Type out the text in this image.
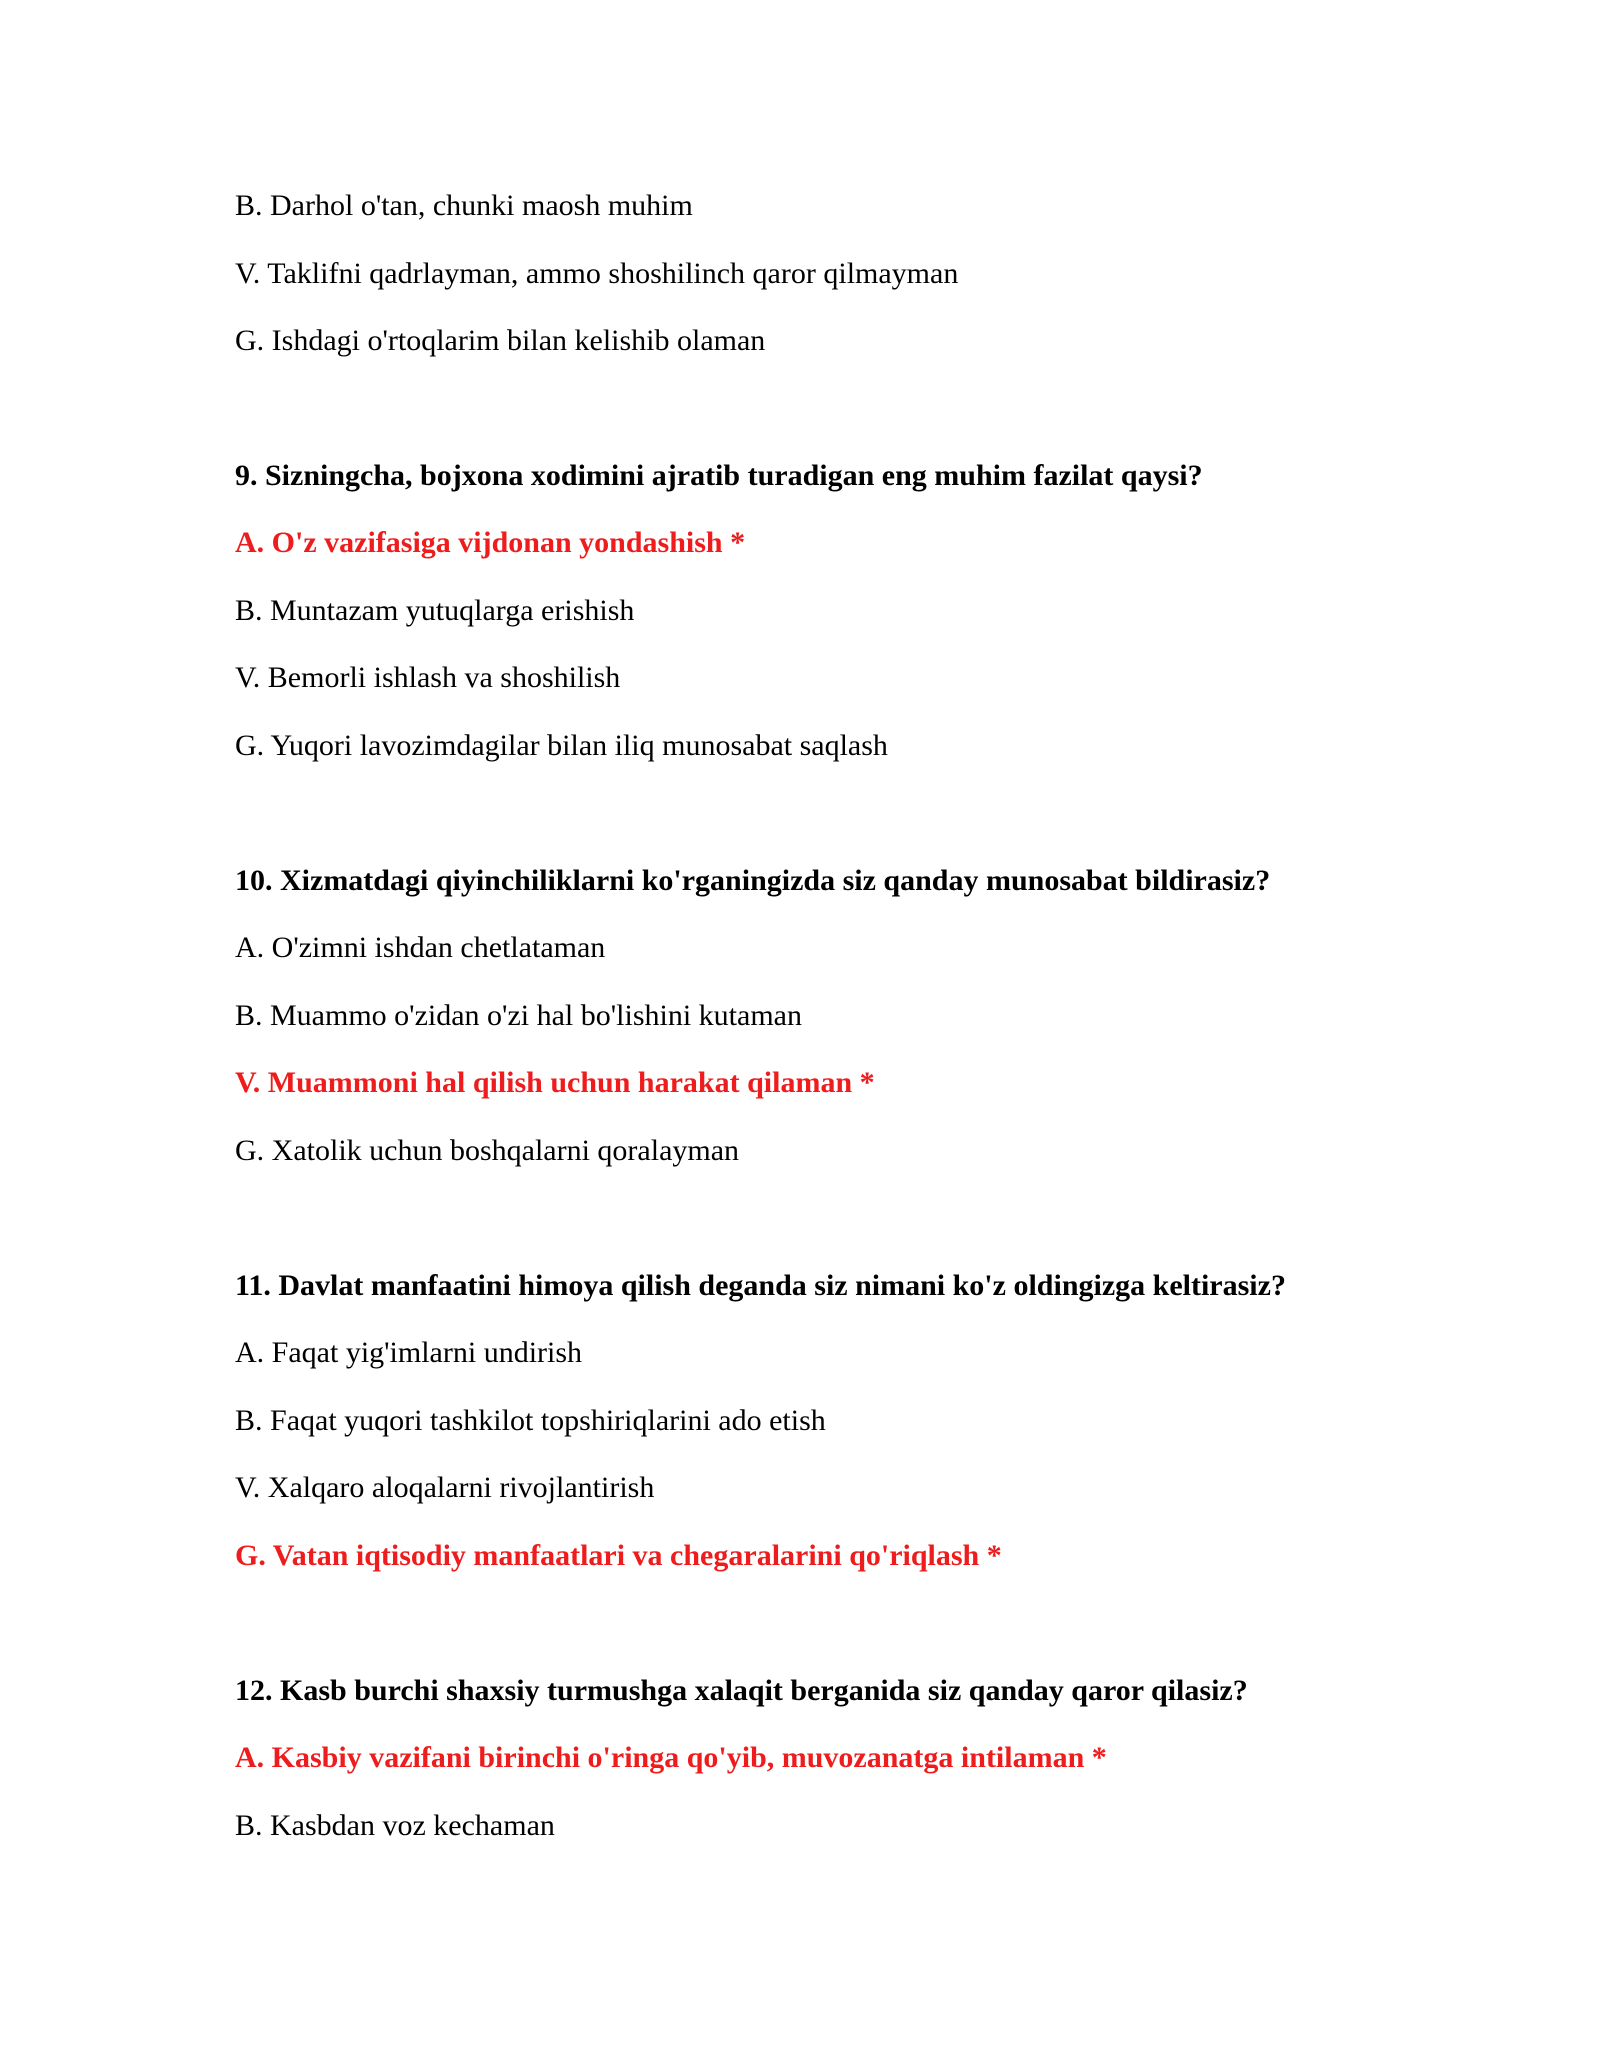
B. Darhol o'tan, chunki maosh muhim
V. Taklifni qadrlayman, ammo shoshilinch qaror qilmayman
G. Ishdagi o'rtoqlarim bilan kelishib olaman
9. Sizningcha, bojxona xodimini ajratib turadigan eng muhim fazilat qaysi?
A. O'z vazifasiga vijdonan yondashish *
B. Muntazam yutuqlarga erishish
V. Bemorli ishlash va shoshilish
G. Yuqori lavozimdagilar bilan iliq munosabat saqlash
10. Xizmatdagi qiyinchiliklarni ko'rganingizda siz qanday munosabat bildirasiz?
A. O'zimni ishdan chetlataman
B. Muammo o'zidan o'zi hal bo'lishini kutaman
V. Muammoni hal qilish uchun harakat qilaman *
G. Xatolik uchun boshqalarni qoralayman
11. Davlat manfaatini himoya qilish deganda siz nimani ko'z oldingizga keltirasiz?
A. Faqat yig'imlarni undirish
B. Faqat yuqori tashkilot topshiriqlarini ado etish
V. Xalqaro aloqalarni rivojlantirish
G. Vatan iqtisodiy manfaatlari va chegaralarini qo'riqlash *
12. Kasb burchi shaxsiy turmushga xalaqit berganida siz qanday qaror qilasiz?
A. Kasbiy vazifani birinchi o'ringa qo'yib, muvozanatga intilaman *
B. Kasbdan voz kechaman
